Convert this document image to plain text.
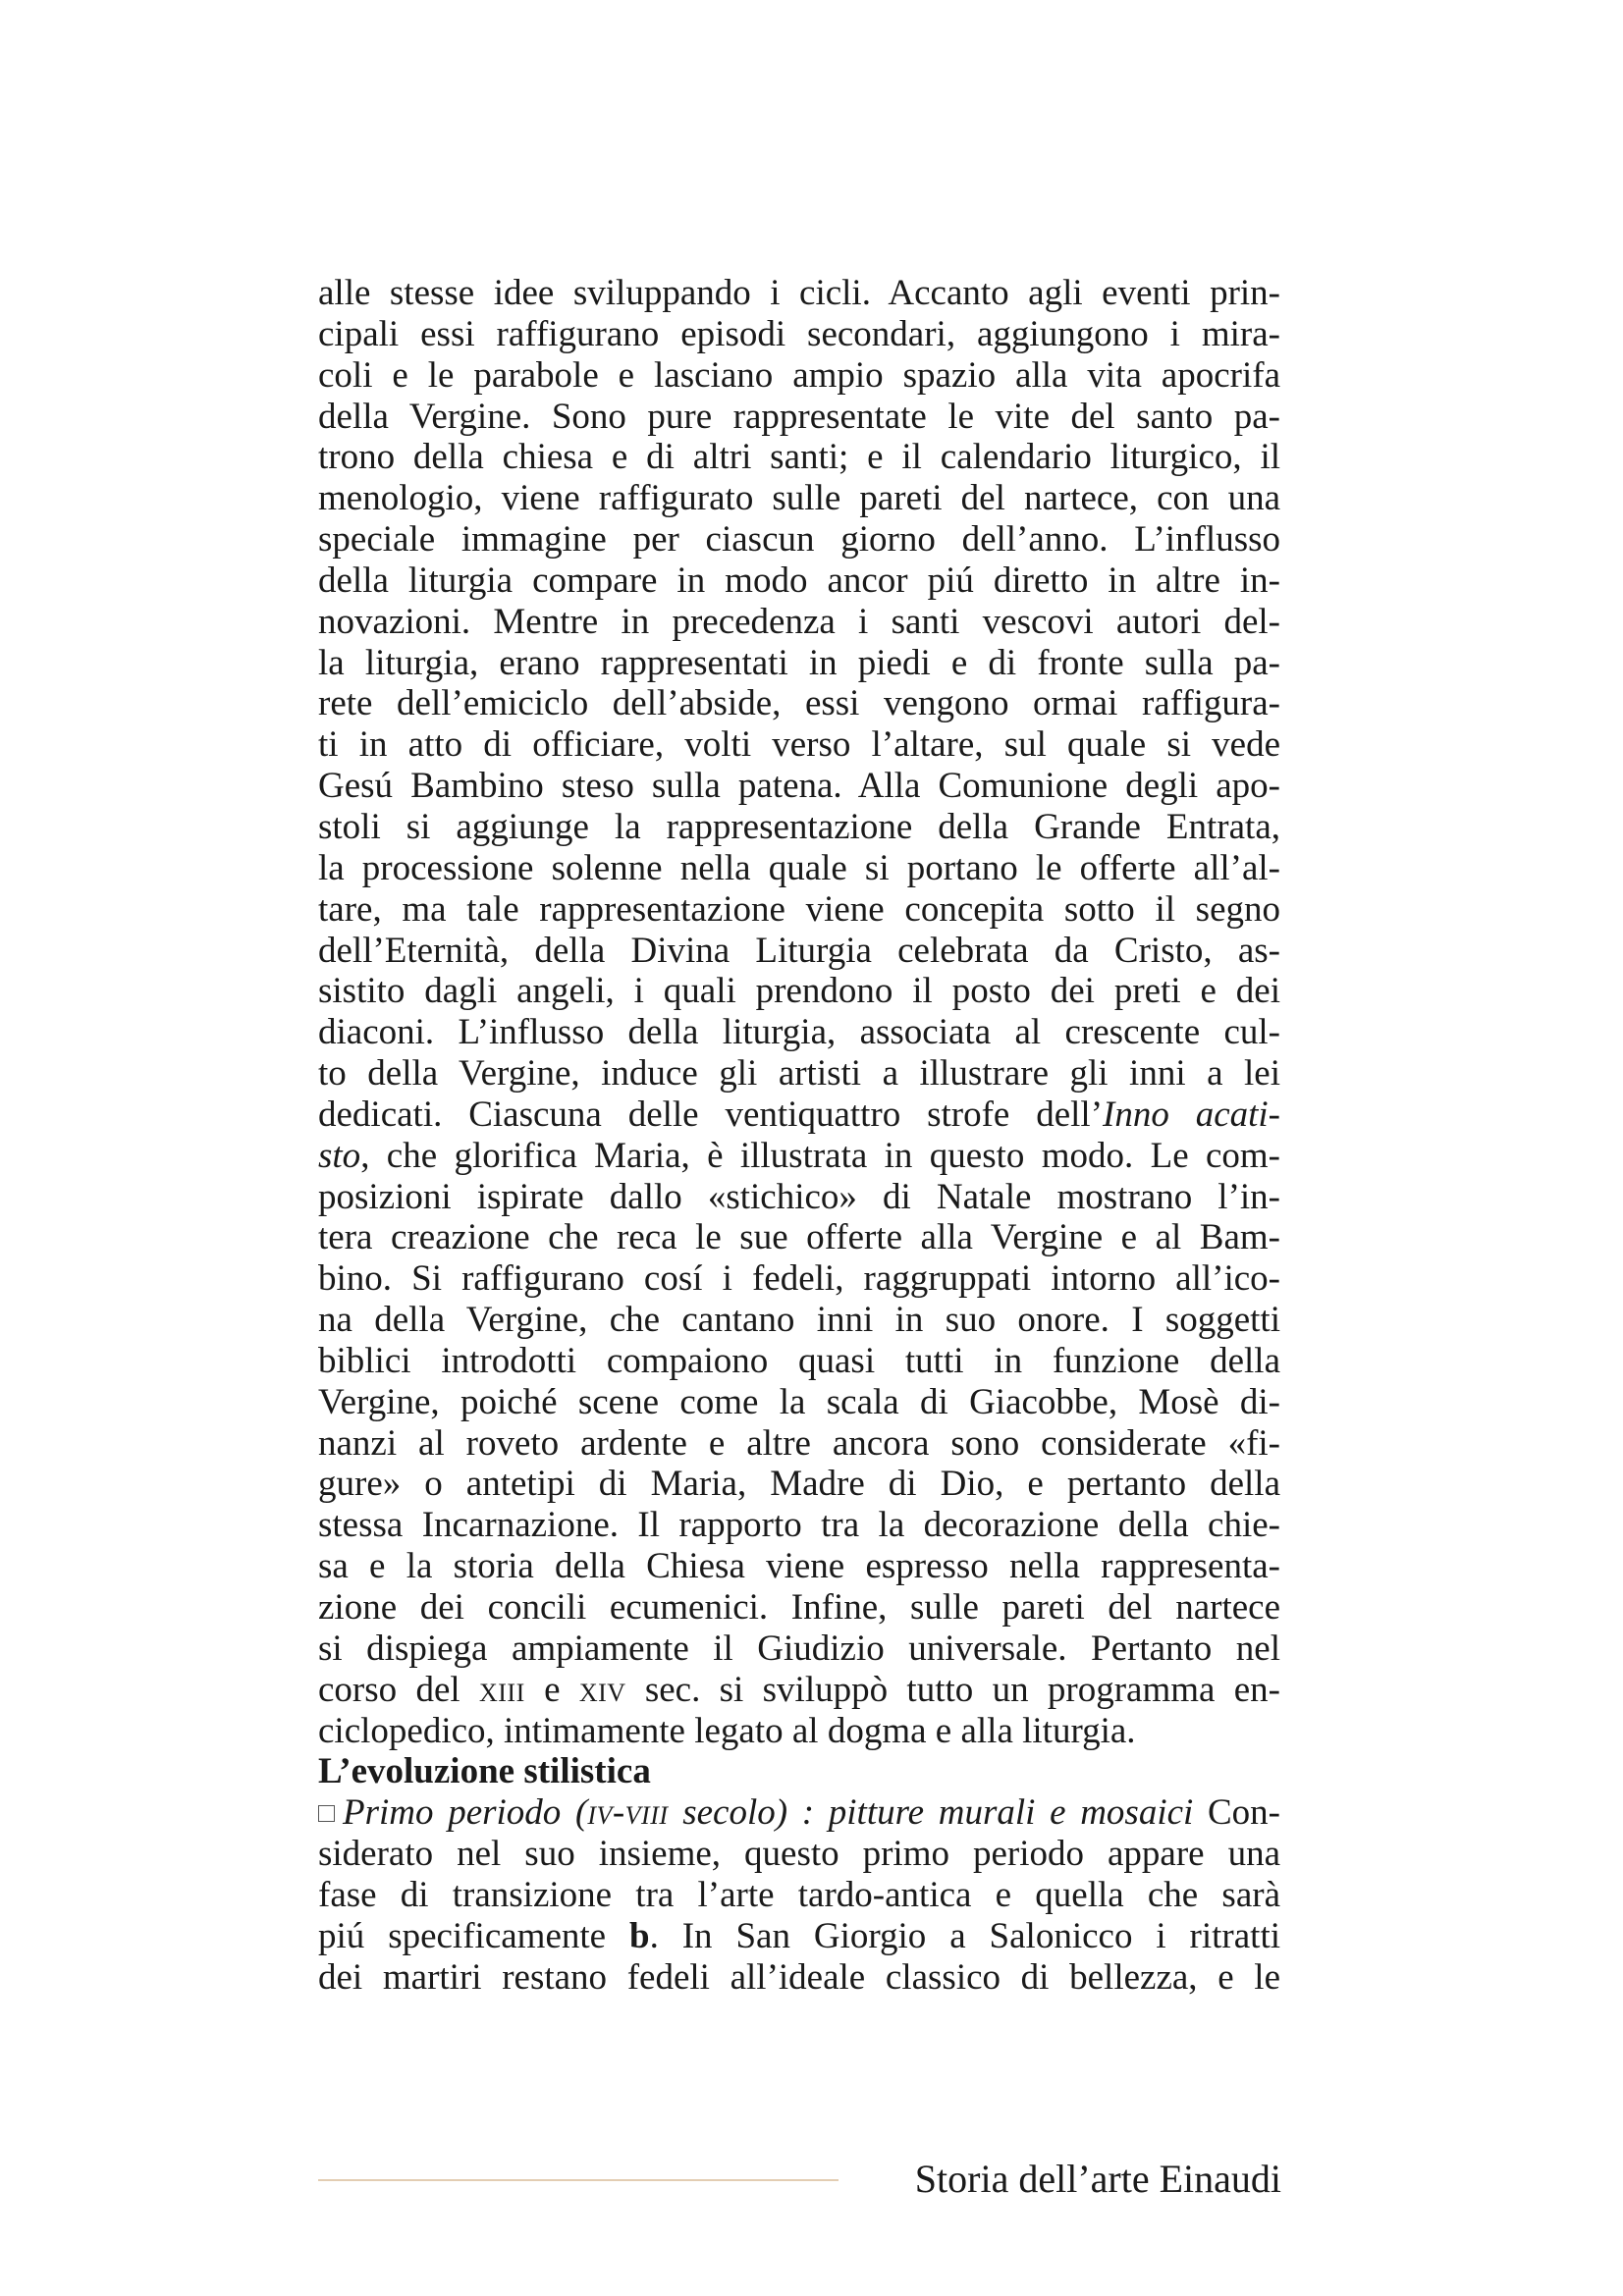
alle stesse idee sviluppando i cicli. Accanto agli eventi prin-
cipali essi raffigurano episodi secondari, aggiungono i mira-
coli e le parabole e lasciano ampio spazio alla vita apocrifa
della Vergine. Sono pure rappresentate le vite del santo pa-
trono della chiesa e di altri santi; e il calendario liturgico, il
menologio, viene raffigurato sulle pareti del nartece, con una
speciale immagine per ciascun giorno dell’anno. L’influsso
della liturgia compare in modo ancor piú diretto in altre in-
novazioni. Mentre in precedenza i santi vescovi autori del-
la liturgia, erano rappresentati in piedi e di fronte sulla pa-
rete dell’emiciclo dell’abside, essi vengono ormai raffigura-
ti in atto di officiare, volti verso l’altare, sul quale si vede
Gesú Bambino steso sulla patena. Alla Comunione degli apo-
stoli si aggiunge la rappresentazione della Grande Entrata,
la processione solenne nella quale si portano le offerte all’al-
tare, ma tale rappresentazione viene concepita sotto il segno
dell’Eternità, della Divina Liturgia celebrata da Cristo, as-
sistito dagli angeli, i quali prendono il posto dei preti e dei
diaconi. L’influsso della liturgia, associata al crescente cul-
to della Vergine, induce gli artisti a illustrare gli inni a lei
dedicati. Ciascuna delle ventiquattro strofe dell’Inno acati-
sto, che glorifica Maria, è illustrata in questo modo. Le com-
posizioni ispirate dallo «stichico» di Natale mostrano l’in-
tera creazione che reca le sue offerte alla Vergine e al Bam-
bino. Si raffigurano cosí i fedeli, raggruppati intorno all’ico-
na della Vergine, che cantano inni in suo onore. I soggetti
biblici introdotti compaiono quasi tutti in funzione della
Vergine, poiché scene come la scala di Giacobbe, Mosè di-
nanzi al roveto ardente e altre ancora sono considerate «fi-
gure» o antetipi di Maria, Madre di Dio, e pertanto della
stessa Incarnazione. Il rapporto tra la decorazione della chie-
sa e la storia della Chiesa viene espresso nella rappresenta-
zione dei concili ecumenici. Infine, sulle pareti del nartece
si dispiega ampiamente il Giudizio universale. Pertanto nel
corso del xiii e xiv sec. si sviluppò tutto un programma en-
ciclopedico, intimamente legato al dogma e alla liturgia.
L’evoluzione stilistica
Primo periodo (iv-viii secolo) : pitture murali e mosaici Con-
siderato nel suo insieme, questo primo periodo appare una
fase di transizione tra l’arte tardo-antica e quella che sarà
piú specificamente b. In San Giorgio a Salonicco i ritratti
dei martiri restano fedeli all’ideale classico di bellezza, e le
Storia dell’arte Einaudi
